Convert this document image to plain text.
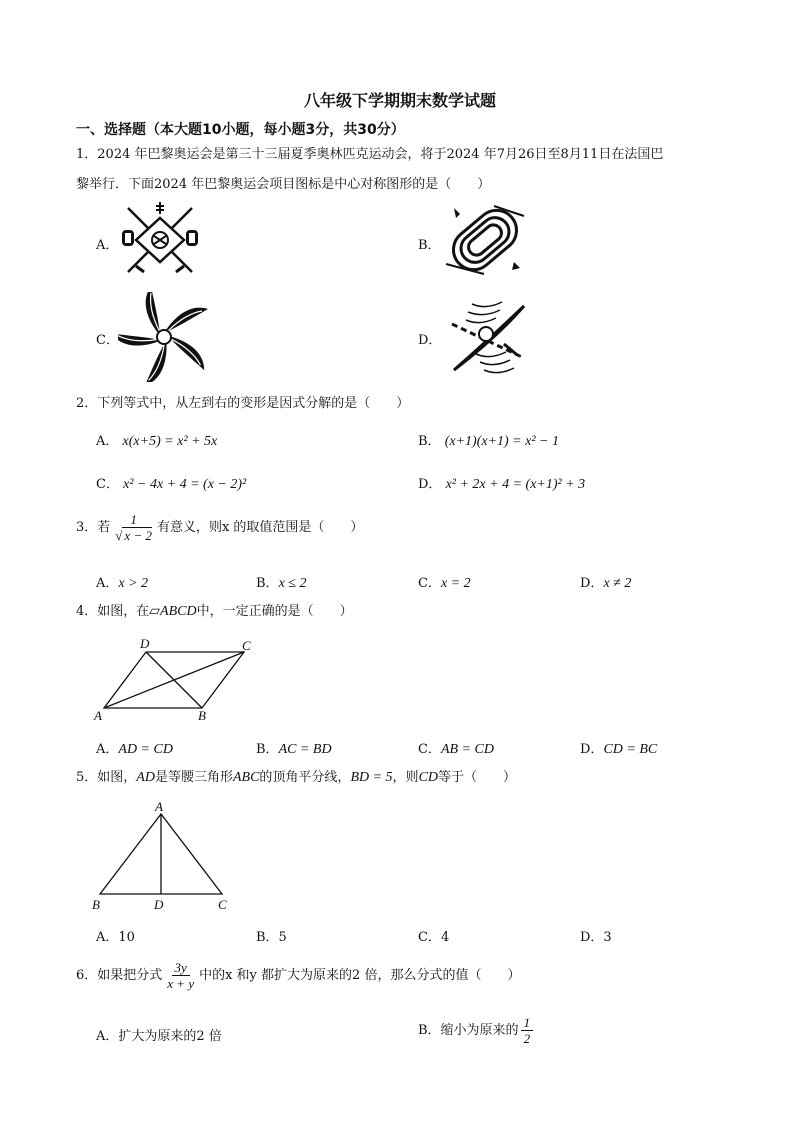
八年级下学期期末数学试题
一、选择题（本大题10小题，每小题3分，共30分）
1．2024 年巴黎奥运会是第三十三届夏季奥林匹克运动会，将于2024 年7月26日至8月11日在法国巴
黎举行．下面2024 年巴黎奥运会项目图标是中心对称图形的是（　　）
A．	B．
C．	D．
2．下列等式中，从左到右的变形是因式分解的是（　　）
A． x(x+5) = x² + 5x	B． (x+1)(x+1) = x² − 1
C． x² − 4x + 4 = (x − 2)²	D． x² + 2x + 4 = (x+1)² + 3
3．若 $\frac{1}{√ x - 2}$ 有意义，则x 的取值范围是（　　）
A．x > 2	B．x ≤ 2	C．x = 2	D．x ≠ 2
4．如图，在▱ABCD中，一定正确的是（　　）
A	B
C
D
A．AD = CD	B．AC = BD	C．AB = CD	D．CD = BC
5．如图，AD是等腰三角形ABC的顶角平分线，BD = 5，则CD等于（　　）
A
B	C
D
A．10	B．5	C．4	D．3
6．如果把分式 $\frac{3y}{x + y}$ 中的x 和y 都扩大为原来的2 倍，那么分式的值（　　）
A．扩大为原来的2 倍	B．缩小为原来的 $\frac{1}{2}$
